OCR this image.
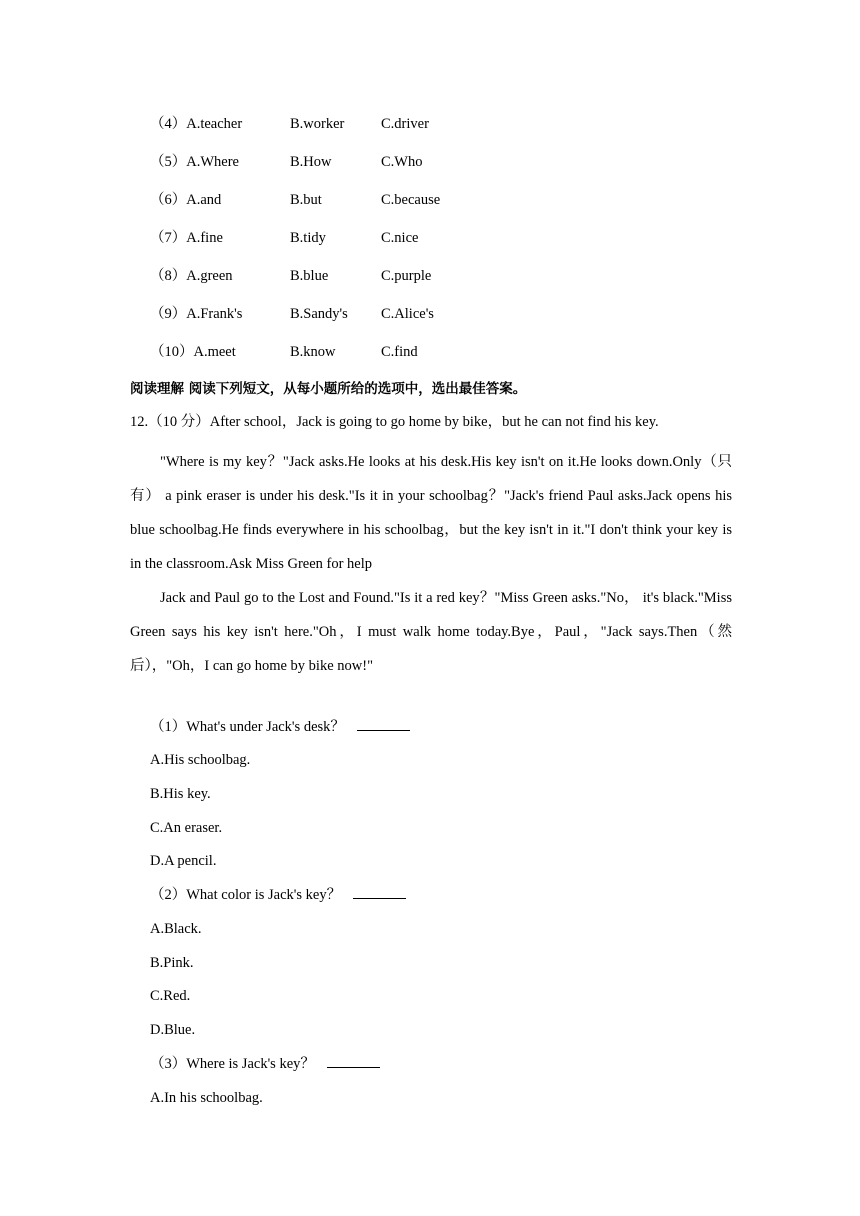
（4）A.teacher	B.worker	C.driver
（5）A.Where	B.How	C.Who
（6）A.and	B.but	C.because
（7）A.fine	B.tidy	C.nice
（8）A.green	B.blue	C.purple
（9）A.Frank's	B.Sandy's C.Alice's
（10）A.meet	B.know	C.find
阅读理解 阅读下列短文，从每小题所给的选项中，选出最佳答案。
12.（10 分）After school，Jack is going to go home by bike，but he can not find his key.

"Where is my key？"Jack asks.He looks at his desk.His key isn't on it.He looks down.Only（只有） a pink eraser is under his desk."Is it in your schoolbag？"Jack's friend Paul asks.Jack opens his blue schoolbag.He finds everywhere in his schoolbag，but the key isn't in it."I don't think your key is in the classroom.Ask Miss Green for help

Jack and Paul go to the Lost and Found."Is it a red key？"Miss Green asks."No， it's black."Miss Green says his key isn't here."Oh，I must walk home today.Bye，Paul，"Jack says.Then（然后），"Oh，I can go home by bike now!"

（1）What's under Jack's desk？
A.His schoolbag.
B.His key.
C.An eraser.
D.A pencil.
（2）What color is Jack's key？
A.Black.
B.Pink.
C.Red.
D.Blue.
（3）Where is Jack's key？
A.In his schoolbag.
